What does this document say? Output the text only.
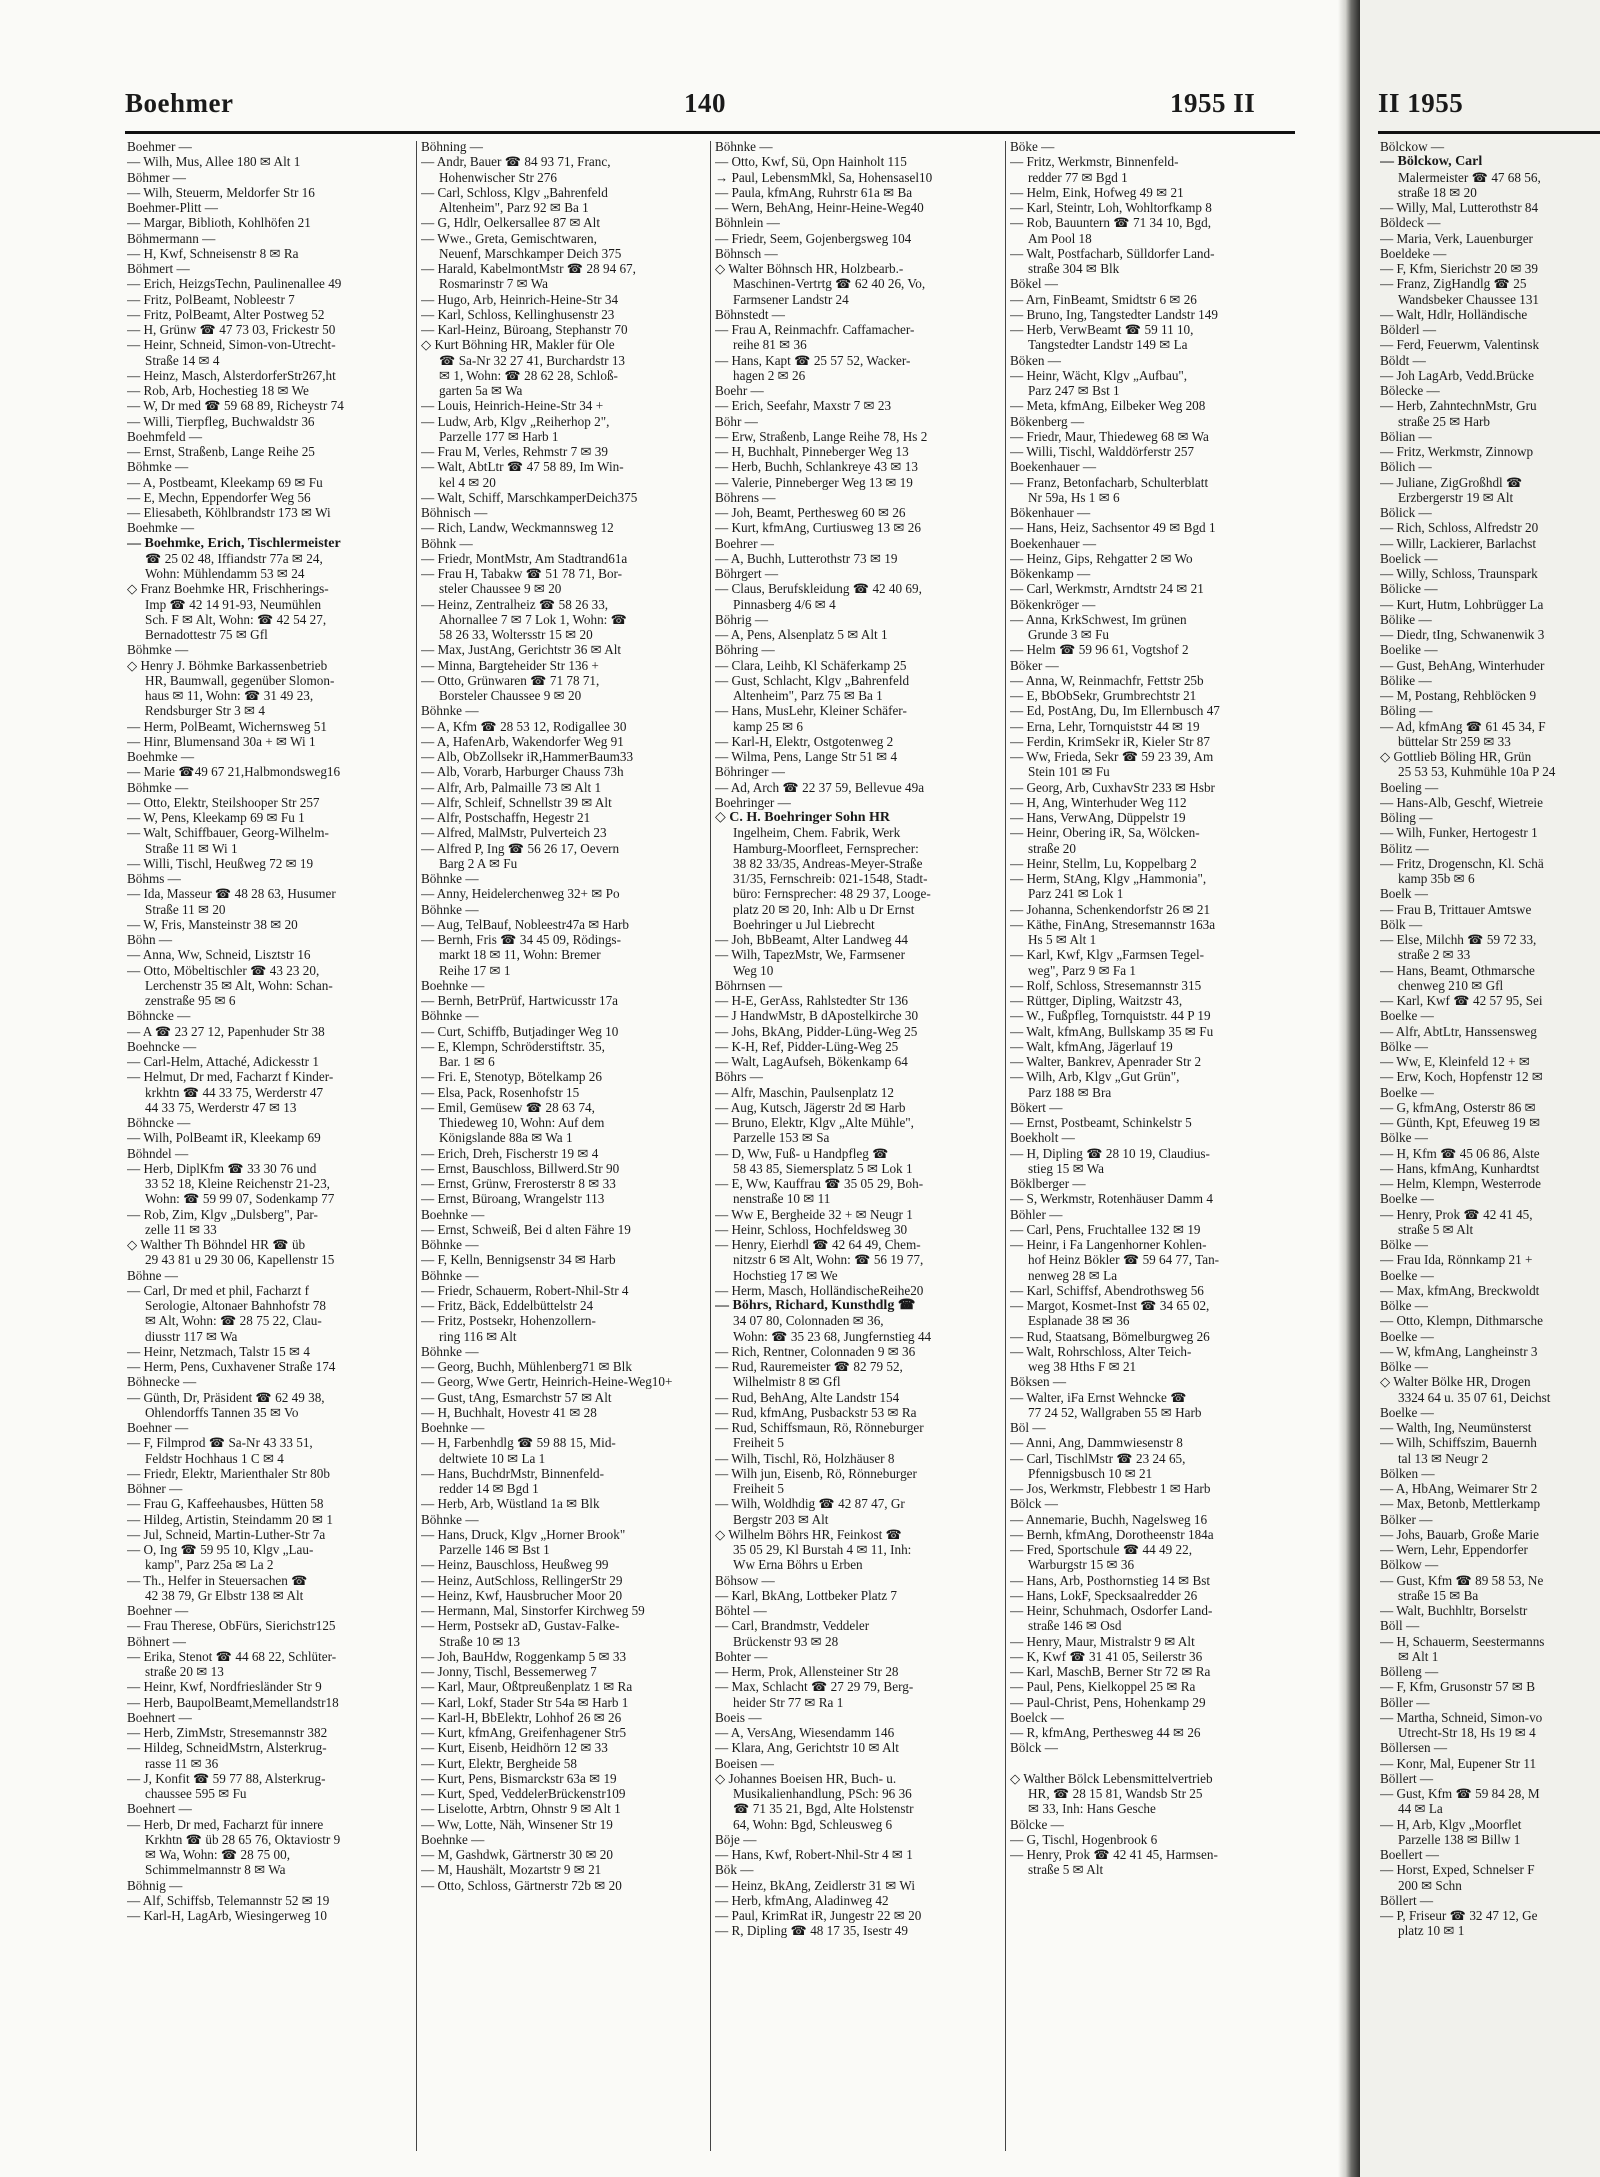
Boehmer	140	1955 II	II 1955
Boehmer —
— Wilh, Mus, Allee 180 ✉ Alt 1
Böhmer —
— Wilh, Steuerm, Meldorfer Str 16
Boehmer-Plitt —
— Margar, Biblioth, Kohlhöfen 21
Böhmermann —
— H, Kwf, Schneisenstr 8 ✉ Ra
Böhmert —
— Erich, HeizgsTechn, Paulinenallee 49
— Fritz, PolBeamt, Nobleestr 7
— Fritz, PolBeamt, Alter Postweg 52
— H, Grünw ☎ 47 73 03, Frickestr 50
— Heinr, Schneid, Simon-von-Utrecht-
Straße 14 ✉ 4
— Heinz, Masch, AlsterdorferStr267,ht
— Rob, Arb, Hochestieg 18 ✉ We
— W, Dr med ☎ 59 68 89, Richeystr 74
— Willi, Tierpfleg, Buchwaldstr 36
Boehmfeld —
— Ernst, Straßenb, Lange Reihe 25
Böhmke —
— A, Postbeamt, Kleekamp 69 ✉ Fu
— E, Mechn, Eppendorfer Weg 56
— Eliesabeth, Köhlbrandstr 173 ✉ Wi
Boehmke —
— Boehmke, Erich, Tischlermeister
☎ 25 02 48, Iffiandstr 77a ✉ 24,
Wohn: Mühlendamm 53 ✉ 24
◇ Franz Boehmke HR, Frischherings-
Imp ☎ 42 14 91-93, Neumühlen
Sch. F ✉ Alt, Wohn: ☎ 42 54 27,
Bernadottestr 75 ✉ Gfl
Böhmke —
◇ Henry J. Böhmke Barkassenbetrieb
HR, Baumwall, gegenüber Slomon-
haus ✉ 11, Wohn: ☎ 31 49 23,
Rendsburger Str 3 ✉ 4
— Herm, PolBeamt, Wichernsweg 51
— Hinr, Blumensand 30a + ✉ Wi 1
Boehmke —
— Marie ☎49 67 21,Halbmondsweg16
Böhmke —
— Otto, Elektr, Steilshooper Str 257
— W, Pens, Kleekamp 69 ✉ Fu 1
— Walt, Schiffbauer, Georg-Wilhelm-
Straße 11 ✉ Wi 1
— Willi, Tischl, Heußweg 72 ✉ 19
Böhms —
— Ida, Masseur ☎ 48 28 63, Husumer
Straße 11 ✉ 20
— W, Fris, Mansteinstr 38 ✉ 20
Böhn —
— Anna, Ww, Schneid, Lisztstr 16
— Otto, Möbeltischler ☎ 43 23 20,
Lerchenstr 35 ✉ Alt, Wohn: Schan-
zenstraße 95 ✉ 6
Böhncke —
— A ☎ 23 27 12, Papenhuder Str 38
Boehncke —
— Carl-Helm, Attaché, Adickesstr 1
— Helmut, Dr med, Facharzt f Kinder-
krkhtn ☎ 44 33 75, Werderstr 47
44 33 75, Werderstr 47 ✉ 13
Böhncke —
— Wilh, PolBeamt iR, Kleekamp 69
Böhndel —
— Herb, DiplKfm ☎ 33 30 76 und
33 52 18, Kleine Reichenstr 21-23,
Wohn: ☎ 59 99 07, Sodenkamp 77
— Rob, Zim, Klgv „Dulsberg", Par-
zelle 11 ✉ 33
◇ Walther Th Böhndel HR ☎ üb
29 43 81 u 29 30 06, Kapellenstr 15
Böhne —
— Carl, Dr med et phil, Facharzt f
Serologie, Altonaer Bahnhofstr 78
✉ Alt, Wohn: ☎ 28 75 22, Clau-
diusstr 117 ✉ Wa
— Heinr, Netzmach, Talstr 15 ✉ 4
— Herm, Pens, Cuxhavener Straße 174
Böhnecke —
— Günth, Dr, Präsident ☎ 62 49 38,
Ohlendorffs Tannen 35 ✉ Vo
Boehner —
— F, Filmprod ☎ Sa-Nr 43 33 51,
Feldstr Hochhaus 1 C ✉ 4
— Friedr, Elektr, Marienthaler Str 80b
Böhner —
— Frau G, Kaffeehausbes, Hütten 58
— Hildeg, Artistin, Steindamm 20 ✉ 1
— Jul, Schneid, Martin-Luther-Str 7a
— O, Ing ☎ 59 95 10, Klgv „Lau-
kamp", Parz 25a ✉ La 2
— Th., Helfer in Steuersachen ☎
42 38 79, Gr Elbstr 138 ✉ Alt
Boehner —
— Frau Therese, ObFürs, Sierichstr125
Böhnert —
— Erika, Stenot ☎ 44 68 22, Schlüter-
straße 20 ✉ 13
— Heinr, Kwf, Nordfriesländer Str 9
— Herb, BaupolBeamt,Memellandstr18
Boehnert —
— Herb, ZimMstr, Stresemannstr 382
— Hildeg, SchneidMstrn, Alsterkrug-
rasse 11 ✉ 36
— J, Konfit ☎ 59 77 88, Alsterkrug-
chaussee 595 ✉ Fu
Boehnert —
— Herb, Dr med, Facharzt für innere
Krkhtn ☎ üb 28 65 76, Oktaviostr 9
✉ Wa, Wohn: ☎ 28 75 00,
Schimmelmannstr 8 ✉ Wa
Böhnig —
— Alf, Schiffsb, Telemannstr 52 ✉ 19
— Karl-H, LagArb, Wiesingerweg 10
Böhning —
— Andr, Bauer ☎ 84 93 71, Franc,
Hohenwischer Str 276
— Carl, Schloss, Klgv „Bahrenfeld
Altenheim", Parz 92 ✉ Ba 1
— G, Hdlr, Oelkersallee 87 ✉ Alt
— Wwe., Greta, Gemischtwaren,
Neuenf, Marschkamper Deich 375
— Harald, KabelmontMstr ☎ 28 94 67,
Rosmarinstr 7 ✉ Wa
— Hugo, Arb, Heinrich-Heine-Str 34
— Karl, Schloss, Kellinghusenstr 23
— Karl-Heinz, Büroang, Stephanstr 70
◇ Kurt Böhning HR, Makler für Ole
☎ Sa-Nr 32 27 41, Burchardstr 13
✉ 1, Wohn: ☎ 28 62 28, Schloß-
garten 5a ✉ Wa
— Louis, Heinrich-Heine-Str 34 +
— Ludw, Arb, Klgv „Reiherhop 2",
Parzelle 177 ✉ Harb 1
— Frau M, Verles, Rehmstr 7 ✉ 39
— Walt, AbtLtr ☎ 47 58 89, Im Win-
kel 4 ✉ 20
— Walt, Schiff, MarschkamperDeich375
Böhnisch —
— Rich, Landw, Weckmannsweg 12
Böhnk —
— Friedr, MontMstr, Am Stadtrand61a
— Frau H, Tabakw ☎ 51 78 71, Bor-
steler Chaussee 9 ✉ 20
— Heinz, Zentralheiz ☎ 58 26 33,
Ahornallee 7 ✉ 7 Lok 1, Wohn: ☎
58 26 33, Woltersstr 15 ✉ 20
— Max, JustAng, Gerichtstr 36 ✉ Alt
— Minna, Bargteheider Str 136 +
— Otto, Grünwaren ☎ 71 78 71,
Borsteler Chaussee 9 ✉ 20
Böhnke —
— A, Kfm ☎ 28 53 12, Rodigallee 30
— A, HafenArb, Wakendorfer Weg 91
— Alb, ObZollsekr iR,HammerBaum33
— Alb, Vorarb, Harburger Chauss 73h
— Alfr, Arb, Palmaille 73 ✉ Alt 1
— Alfr, Schleif, Schnellstr 39 ✉ Alt
— Alfr, Postschaffn, Hegestr 21
— Alfred, MalMstr, Pulverteich 23
— Alfred P, Ing ☎ 56 26 17, Oevern
Barg 2 A ✉ Fu
Böhnke —
— Anny, Heidelerchenweg 32+ ✉ Po
Böhnke —
— Aug, TelBauf, Nobleestr47a ✉ Harb
— Bernh, Fris ☎ 34 45 09, Rödings-
markt 18 ✉ 11, Wohn: Bremer
Reihe 17 ✉ 1
Boehnke —
— Bernh, BetrPrüf, Hartwicusstr 17a
Böhnke —
— Curt, Schiffb, Butjadinger Weg 10
— E, Klempn, Schröderstiftstr. 35,
Bar. 1 ✉ 6
— Fri. E, Stenotyp, Bötelkamp 26
— Elsa, Pack, Rosenhofstr 15
— Emil, Gemüsew ☎ 28 63 74,
Thiedeweg 10, Wohn: Auf dem
Königslande 88a ✉ Wa 1
— Erich, Dreh, Fischerstr 19 ✉ 4
— Ernst, Bauschloss, Billwerd.Str 90
— Ernst, Grünw, Frerosterstr 8 ✉ 33
— Ernst, Büroang, Wrangelstr 113
Boehnke —
— Ernst, Schweiß, Bei d alten Fähre 19
Böhnke —
— F, Kelln, Bennigsenstr 34 ✉ Harb
Böhnke —
— Friedr, Schauerm, Robert-Nhil-Str 4
— Fritz, Bäck, Eddelbüttelstr 24
— Fritz, Postsekr, Hohenzollern-
ring 116 ✉ Alt
Böhnke —
— Georg, Buchh, Mühlenberg71 ✉ Blk
— Georg, Wwe Gertr, Heinrich-Heine-Weg10+
— Gust, tAng, Esmarchstr 57 ✉ Alt
— H, Buchhalt, Hovestr 41 ✉ 28
Boehnke —
— H, Farbenhdlg ☎ 59 88 15, Mid-
deltwiete 10 ✉ La 1
— Hans, BuchdrMstr, Binnenfeld-
redder 14 ✉ Bgd 1
— Herb, Arb, Wüstland 1a ✉ Blk
Böhnke —
— Hans, Druck, Klgv „Horner Brook"
Parzelle 146 ✉ Bst 1
— Heinz, Bauschloss, Heußweg 99
— Heinz, AutSchloss, RellingerStr 29
— Heinz, Kwf, Hausbrucher Moor 20
— Hermann, Mal, Sinstorfer Kirchweg 59
— Herm, Postsekr aD, Gustav-Falke-
Straße 10 ✉ 13
— Joh, BauHdw, Roggenkamp 5 ✉ 33
— Jonny, Tischl, Bessemerweg 7
— Karl, Maur, Oßtpreußenplatz 1 ✉ Ra
— Karl, Lokf, Stader Str 54a ✉ Harb 1
— Karl-H, BbElektr, Lohhof 26 ✉ 26
— Kurt, kfmAng, Greifenhagener Str5
— Kurt, Eisenb, Heidhörn 12 ✉ 33
— Kurt, Elektr, Bergheide 58
— Kurt, Pens, Bismarckstr 63a ✉ 19
— Kurt, Sped, VeddelerBrückenstr109
— Liselotte, Arbtrn, Ohnstr 9 ✉ Alt 1
— Ww, Lotte, Näh, Winsener Str 19
Boehnke —
— M, Gashdwk, Gärtnerstr 30 ✉ 20
— M, Haushält, Mozartstr 9 ✉ 21
— Otto, Schloss, Gärtnerstr 72b ✉ 20
Böhnke —
— Otto, Kwf, Sü, Opn Hainholt 115
→ Paul, LebensmMkl, Sa, Hohensasel10
— Paula, kfmAng, Ruhrstr 61a ✉ Ba
— Wern, BehAng, Heinr-Heine-Weg40
Böhnlein —
— Friedr, Seem, Gojenbergsweg 104
Böhnsch —
◇ Walter Böhnsch HR, Holzbearb.-
Maschinen-Vertrtg ☎ 62 40 26, Vo,
Farmsener Landstr 24
Böhnstedt —
— Frau A, Reinmachfr. Caffamacher-
reihe 81 ✉ 36
— Hans, Kapt ☎ 25 57 52, Wacker-
hagen 2 ✉ 26
Boehr —
— Erich, Seefahr, Maxstr 7 ✉ 23
Böhr —
— Erw, Straßenb, Lange Reihe 78, Hs 2
— H, Buchhalt, Pinneberger Weg 13
— Herb, Buchh, Schlankreye 43 ✉ 13
— Valerie, Pinneberger Weg 13 ✉ 19
Böhrens —
— Joh, Beamt, Perthesweg 60 ✉ 26
— Kurt, kfmAng, Curtiusweg 13 ✉ 26
Boehrer —
— A, Buchh, Lutterothstr 73 ✉ 19
Böhrgert —
— Claus, Berufskleidung ☎ 42 40 69,
Pinnasberg 4/6 ✉ 4
Böhrig —
— A, Pens, Alsenplatz 5 ✉ Alt 1
Böhring —
— Clara, Leihb, Kl Schäferkamp 25
— Gust, Schlacht, Klgv „Bahrenfeld
Altenheim", Parz 75 ✉ Ba 1
— Hans, MusLehr, Kleiner Schäfer-
kamp 25 ✉ 6
— Karl-H, Elektr, Ostgotenweg 2
— Wilma, Pens, Lange Str 51 ✉ 4
Böhringer —
— Ad, Arch ☎ 22 37 59, Bellevue 49a
Boehringer —
◇ C. H. Boehringer Sohn HR
Ingelheim, Chem. Fabrik, Werk
Hamburg-Moorfleet, Fernsprecher:
38 82 33/35, Andreas-Meyer-Straße
31/35, Fernschreib: 021-1548, Stadt-
büro: Fernsprecher: 48 29 37, Looge-
platz 20 ✉ 20, Inh: Alb u Dr Ernst
Boehringer u Jul Liebrecht
— Joh, BbBeamt, Alter Landweg 44
— Wilh, TapezMstr, We, Farmsener
Weg 10
Böhrnsen —
— H-E, GerAss, Rahlstedter Str 136
— J HandwMstr, B dApostelkirche 30
— Johs, BkAng, Pidder-Lüng-Weg 25
— K-H, Ref, Pidder-Lüng-Weg 25
— Walt, LagAufseh, Bökenkamp 64
Böhrs —
— Alfr, Maschin, Paulsenplatz 12
— Aug, Kutsch, Jägerstr 2d ✉ Harb
— Bruno, Elektr, Klgv „Alte Mühle",
Parzelle 153 ✉ Sa
— D, Ww, Fuß- u Handpfleg ☎
58 43 85, Siemersplatz 5 ✉ Lok 1
— E, Ww, Kauffrau ☎ 35 05 29, Boh-
nenstraße 10 ✉ 11
— Ww E, Bergheide 32 + ✉ Neugr 1
— Heinr, Schloss, Hochfeldsweg 30
— Henry, Eierhdl ☎ 42 64 49, Chem-
nitzstr 6 ✉ Alt, Wohn: ☎ 56 19 77,
Hochstieg 17 ✉ We
— Herm, Masch, HolländischeReihe20
— Böhrs, Richard, Kunsthdlg ☎
34 07 80, Colonnaden ✉ 36,
Wohn: ☎ 35 23 68, Jungfernstieg 44
— Rich, Rentner, Colonnaden 9 ✉ 36
— Rud, Rauremeister ☎ 82 79 52,
Wilhelmistr 8 ✉ Gfl
— Rud, BehAng, Alte Landstr 154
— Rud, kfmAng, Pusbackstr 53 ✉ Ra
— Rud, Schiffsmaun, Rö, Rönneburger
Freiheit 5
— Wilh, Tischl, Rö, Holzhäuser 8
— Wilh jun, Eisenb, Rö, Rönneburger
Freiheit 5
— Wilh, Woldhdig ☎ 42 87 47, Gr
Bergstr 203 ✉ Alt
◇ Wilhelm Böhrs HR, Feinkost ☎
35 05 29, Kl Burstah 4 ✉ 11, Inh:
Ww Erna Böhrs u Erben
Böhsow —
— Karl, BkAng, Lottbeker Platz 7
Böhtel —
— Carl, Brandmstr, Veddeler
Brückenstr 93 ✉ 28
Bohter —
— Herm, Prok, Allensteiner Str 28
— Max, Schlacht ☎ 27 29 79, Berg-
heider Str 77 ✉ Ra 1
Boeis —
— A, VersAng, Wiesendamm 146
— Klara, Ang, Gerichtstr 10 ✉ Alt
Boeisen —
◇ Johannes Boeisen HR, Buch- u.
Musikalienhandlung, PSch: 96 36
☎ 71 35 21, Bgd, Alte Holstenstr
64, Wohn: Bgd, Schleusweg 6
Böje —
— Hans, Kwf, Robert-Nhil-Str 4 ✉ 1
Bök —
— Heinz, BkAng, Zeidlerstr 31 ✉ Wi
— Herb, kfmAng, Aladinweg 42
— Paul, KrimRat iR, Jungestr 22 ✉ 20
— R, Dipling ☎ 48 17 35, Isestr 49
Böke —
— Fritz, Werkmstr, Binnenfeld-
redder 77 ✉ Bgd 1
— Helm, Eink, Hofweg 49 ✉ 21
— Karl, Steintr, Loh, Wohltorfkamp 8
— Rob, Bauuntern ☎ 71 34 10, Bgd,
Am Pool 18
— Walt, Postfacharb, Sülldorfer Land-
straße 304 ✉ Blk
Bökel —
— Arn, FinBeamt, Smidtstr 6 ✉ 26
— Bruno, Ing, Tangstedter Landstr 149
— Herb, VerwBeamt ☎ 59 11 10,
Tangstedter Landstr 149 ✉ La
Böken —
— Heinr, Wächt, Klgv „Aufbau",
Parz 247 ✉ Bst 1
— Meta, kfmAng, Eilbeker Weg 208
Bökenberg —
— Friedr, Maur, Thiedeweg 68 ✉ Wa
— Willi, Tischl, Walddörferstr 257
Boekenhauer —
— Franz, Betonfacharb, Schulterblatt
Nr 59a, Hs 1 ✉ 6
Bökenhauer —
— Hans, Heiz, Sachsentor 49 ✉ Bgd 1
Boekenhauer —
— Heinz, Gips, Rehgatter 2 ✉ Wo
Bökenkamp —
— Carl, Werkmstr, Arndtstr 24 ✉ 21
Bökenkröger —
— Anna, KrkSchwest, Im grünen
Grunde 3 ✉ Fu
— Helm ☎ 59 96 61, Vogtshof 2
Böker —
— Anna, W, Reinmachfr, Fettstr 25b
— E, BbObSekr, Grumbrechtstr 21
— Ed, PostAng, Du, Im Ellernbusch 47
— Erna, Lehr, Tornquiststr 44 ✉ 19
— Ferdin, KrimSekr iR, Kieler Str 87
— Ww, Frieda, Sekr ☎ 59 23 39, Am
Stein 101 ✉ Fu
— Georg, Arb, CuxhavStr 233 ✉ Hsbr
— H, Ang, Winterhuder Weg 112
— Hans, VerwAng, Düppelstr 19
— Heinr, Obering iR, Sa, Wölcken-
straße 20
— Heinr, Stellm, Lu, Koppelbarg 2
— Herm, StAng, Klgv „Hammonia",
Parz 241 ✉ Lok 1
— Johanna, Schenkendorfstr 26 ✉ 21
— Käthe, FinAng, Stresemannstr 163a
Hs 5 ✉ Alt 1
— Karl, Kwf, Klgv „Farmsen Tegel-
weg", Parz 9 ✉ Fa 1
— Rolf, Schloss, Stresemannstr 315
— Rüttger, Dipling, Waitzstr 43,
— W., Fußpfleg, Tornquiststr. 44 P 19
— Walt, kfmAng, Bullskamp 35 ✉ Fu
— Walt, kfmAng, Jägerlauf 19
— Walter, Bankrev, Apenrader Str 2
— Wilh, Arb, Klgv „Gut Grün",
Parz 188 ✉ Bra
Bökert —
— Ernst, Postbeamt, Schinkelstr 5
Boekholt —
— H, Dipling ☎ 28 10 19, Claudius-
stieg 15 ✉ Wa
Böklberger —
— S, Werkmstr, Rotenhäuser Damm 4
Böhler —
— Carl, Pens, Fruchtallee 132 ✉ 19
— Heinr, i Fa Langenhorner Kohlen-
hof Heinz Bökler ☎ 59 64 77, Tan-
nenweg 28 ✉ La
— Karl, Schiffsf, Abendrothsweg 56
— Margot, Kosmet-Inst ☎ 34 65 02,
Esplanade 38 ✉ 36
— Rud, Staatsang, Bömelburgweg 26
— Walt, Rohrschloss, Alter Teich-
weg 38 Hths F ✉ 21
Böksen —
— Walter, iFa Ernst Wehncke ☎
77 24 52, Wallgraben 55 ✉ Harb
Böl —
— Anni, Ang, Dammwiesenstr 8
— Carl, TischlMstr ☎ 23 24 65,
Pfennigsbusch 10 ✉ 21
— Jos, Werkmstr, Flebbestr 1 ✉ Harb
Bölck —
— Annemarie, Buchh, Nagelsweg 16
— Bernh, kfmAng, Dorotheenstr 184a
— Fred, Sportschule ☎ 44 49 22,
Warburgstr 15 ✉ 36
— Hans, Arb, Posthornstieg 14 ✉ Bst
— Hans, LokF, Specksaalredder 26
— Heinr, Schuhmach, Osdorfer Land-
straße 146 ✉ Osd
— Henry, Maur, Mistralstr 9 ✉ Alt
— K, Kwf ☎ 31 41 05, Seilerstr 36
— Karl, MaschB, Berner Str 72 ✉ Ra
— Paul, Pens, Kielkoppel 25 ✉ Ra
— Paul-Christ, Pens, Hohenkamp 29
Boelck —
— R, kfmAng, Perthesweg 44 ✉ 26
Bölck —

◇ Walther Bölck Lebensmittelvertrieb
HR, ☎ 28 15 81, Wandsb Str 25
✉ 33, Inh: Hans Gesche
Bölcke —
— G, Tischl, Hogenbrook 6
— Henry, Prok ☎ 42 41 45, Harmsen-
straße 5 ✉ Alt
Bölckow —
— Bölckow, Carl
Malermeister ☎ 47 68 56,
straße 18 ✉ 20
— Willy, Mal, Lutterothstr 84
Böldeck —
— Maria, Verk, Lauenburger
Boeldeke —
— F, Kfm, Sierichstr 20 ✉ 39
— Franz, ZigHandlg ☎ 25
Wandsbeker Chaussee 131
— Walt, Hdlr, Holländische
Bölderl —
— Ferd, Feuerwm, Valentinsk
Böldt —
— Joh LagArb, Vedd.Brücke
Bölecke —
— Herb, ZahntechnMstr, Gru
straße 25 ✉ Harb
Bölian —
— Fritz, Werkmstr, Zinnowp
Bölich —
— Juliane, ZigGroßhdl ☎
Erzbergerstr 19 ✉ Alt
Bölick —
— Rich, Schloss, Alfredstr 20
— Willr, Lackierer, Barlachst
Boelick —
— Willy, Schloss, Traunspark
Bölicke —
— Kurt, Hutm, Lohbrügger La
Bölike —
— Diedr, tIng, Schwanenwik 3
Boelike —
— Gust, BehAng, Winterhuder
Bölike —
— M, Postang, Rehblöcken 9
Böling —
— Ad, kfmAng ☎ 61 45 34, F
büttelar Str 259 ✉ 33
◇ Gottlieb Böling HR, Grün
25 53 53, Kuhmühle 10a P 24
Boeling —
— Hans-Alb, Geschf, Wietreie
Böling —
— Wilh, Funker, Hertogestr 1
Bölitz —
— Fritz, Drogenschn, Kl. Schä
kamp 35b ✉ 6
Boelk —
— Frau B, Trittauer Amtswe
Bölk —
— Else, Milchh ☎ 59 72 33,
straße 2 ✉ 33
— Hans, Beamt, Othmarsche
chenweg 210 ✉ Gfl
— Karl, Kwf ☎ 42 57 95, Sei
Boelke —
— Alfr, AbtLtr, Hanssensweg
Bölke —
— Ww, E, Kleinfeld 12 + ✉
— Erw, Koch, Hopfenstr 12 ✉
Boelke —
— G, kfmAng, Osterstr 86 ✉
— Günth, Kpt, Efeuweg 19 ✉
Bölke —
— H, Kfm ☎ 45 06 86, Alste
— Hans, kfmAng, Kunhardtst
— Helm, Klempn, Westerrode
Boelke —
— Henry, Prok ☎ 42 41 45,
straße 5 ✉ Alt
Bölke —
— Frau Ida, Rönnkamp 21 +
Boelke —
— Max, kfmAng, Breckwoldt
Bölke —
— Otto, Klempn, Dithmarsche
Boelke —
— W, kfmAng, Langheinstr 3
Bölke —
◇ Walter Bölke HR, Drogen
3324 64 u. 35 07 61, Deichst
Boelke —
— Walth, Ing, Neumünsterst
— Wilh, Schiffszim, Bauernh
tal 13 ✉ Neugr 2
Bölken —
— A, HbAng, Weimarer Str 2
— Max, Betonb, Mettlerkamp
Bölker —
— Johs, Bauarb, Große Marie
— Wern, Lehr, Eppendorfer
Bölkow —
— Gust, Kfm ☎ 89 58 53, Ne
straße 15 ✉ Ba
— Walt, Buchhltr, Borselstr
Böll —
— H, Schauerm, Seestermanns
✉ Alt 1
Bölleng —
— F, Kfm, Grusonstr 57 ✉ B
Böller —
— Martha, Schneid, Simon-vo
Utrecht-Str 18, Hs 19 ✉ 4
Böllersen —
— Konr, Mal, Eupener Str 11
Böllert —
— Gust, Kfm ☎ 59 84 28, M
44 ✉ La
— H, Arb, Klgv „Moorflet
Parzelle 138 ✉ Billw 1
Boellert —
— Horst, Exped, Schnelser F
200 ✉ Schn
Böllert —
— P, Friseur ☎ 32 47 12, Ge
platz 10 ✉ 1
